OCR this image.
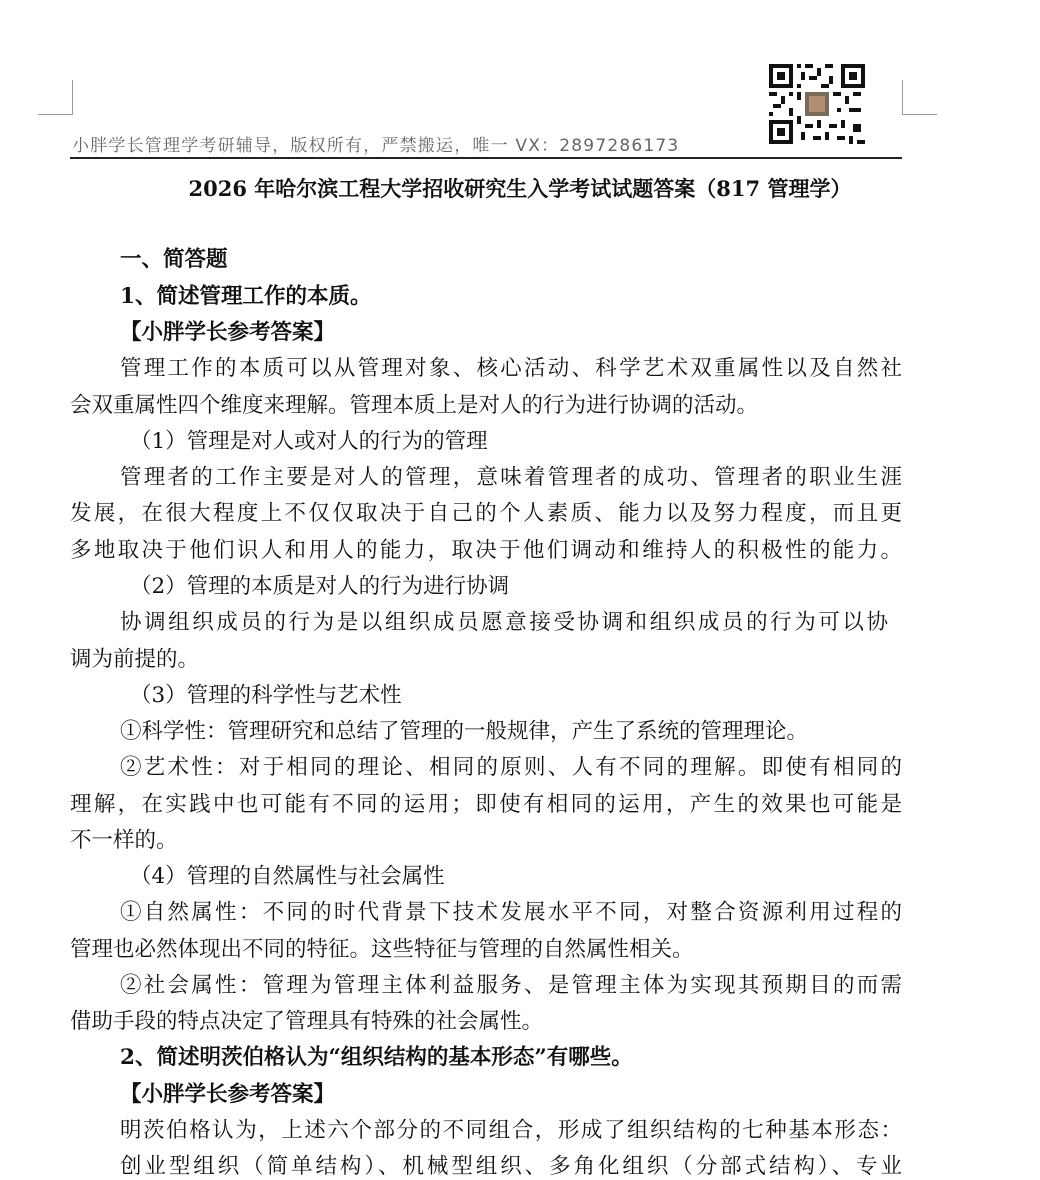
小胖学长管理学考研辅导，版权所有，严禁搬运，唯一 VX：2897286173
2026 年哈尔滨工程大学招收研究生入学考试试题答案（817 管理学）
一、简答题
1、简述管理工作的本质。
【小胖学长参考答案】
管理工作的本质可以从管理对象、核心活动、科学艺术双重属性以及自然社
会双重属性四个维度来理解。管理本质上是对人的行为进行协调的活动。
（1）管理是对人或对人的行为的管理
管理者的工作主要是对人的管理，意味着管理者的成功、管理者的职业生涯
发展，在很大程度上不仅仅取决于自己的个人素质、能力以及努力程度，而且更
多地取决于他们识人和用人的能力，取决于他们调动和维持人的积极性的能力。
（2）管理的本质是对人的行为进行协调
协调组织成员的行为是以组织成员愿意接受协调和组织成员的行为可以协
调为前提的。
（3）管理的科学性与艺术性
①科学性：管理研究和总结了管理的一般规律，产生了系统的管理理论。
②艺术性：对于相同的理论、相同的原则、人有不同的理解。即使有相同的
理解，在实践中也可能有不同的运用；即使有相同的运用，产生的效果也可能是
不一样的。
（4）管理的自然属性与社会属性
①自然属性：不同的时代背景下技术发展水平不同，对整合资源利用过程的
管理也必然体现出不同的特征。这些特征与管理的自然属性相关。
②社会属性：管理为管理主体利益服务、是管理主体为实现其预期目的而需
借助手段的特点决定了管理具有特殊的社会属性。
2、简述明茨伯格认为“组织结构的基本形态”有哪些。
【小胖学长参考答案】
明茨伯格认为，上述六个部分的不同组合，形成了组织结构的七种基本形态：
创业型组织（简单结构）、机械型组织、多角化组织（分部式结构）、专业
